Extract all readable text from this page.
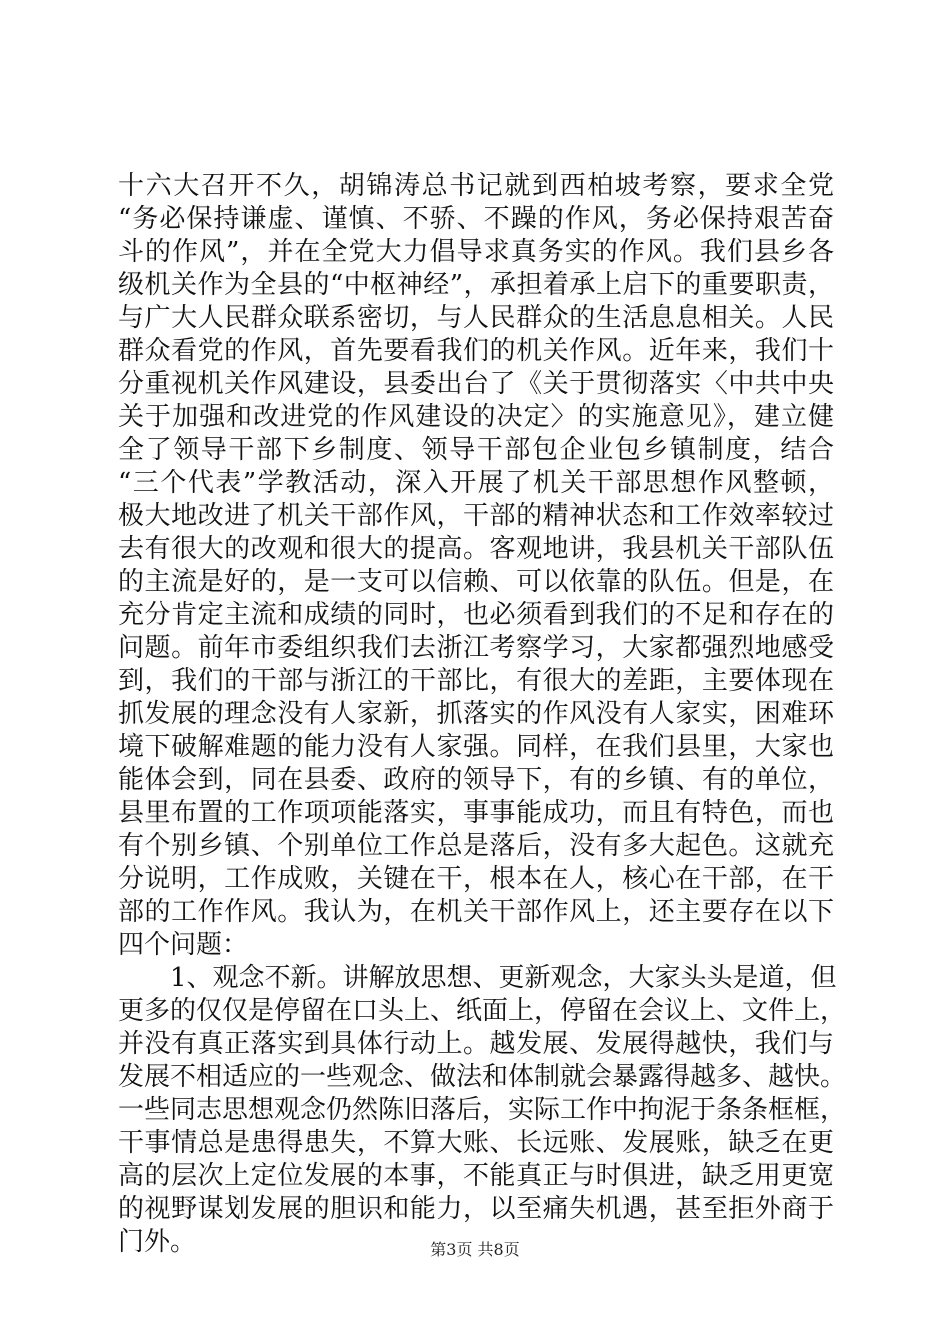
十六大召开不久，胡锦涛总书记就到西柏坡考察，要求全党
“务必保持谦虚、谨慎、不骄、不躁的作风，务必保持艰苦奋
斗的作风”，并在全党大力倡导求真务实的作风。我们县乡各
级机关作为全县的“中枢神经”，承担着承上启下的重要职责，
与广大人民群众联系密切，与人民群众的生活息息相关。人民
群众看党的作风，首先要看我们的机关作风。近年来，我们十
分重视机关作风建设，县委出台了《关于贯彻落实〈中共中央
关于加强和改进党的作风建设的决定〉的实施意见》，建立健
全了领导干部下乡制度、领导干部包企业包乡镇制度，结合
“三个代表”学教活动，深入开展了机关干部思想作风整顿，
极大地改进了机关干部作风，干部的精神状态和工作效率较过
去有很大的改观和很大的提高。客观地讲，我县机关干部队伍
的主流是好的，是一支可以信赖、可以依靠的队伍。但是，在
充分肯定主流和成绩的同时，也必须看到我们的不足和存在的
问题。前年市委组织我们去浙江考察学习，大家都强烈地感受
到，我们的干部与浙江的干部比，有很大的差距，主要体现在
抓发展的理念没有人家新，抓落实的作风没有人家实，困难环
境下破解难题的能力没有人家强。同样，在我们县里，大家也
能体会到，同在县委、政府的领导下，有的乡镇、有的单位，
县里布置的工作项项能落实，事事能成功，而且有特色，而也
有个别乡镇、个别单位工作总是落后，没有多大起色。这就充
分说明，工作成败，关键在干，根本在人，核心在干部，在干
部的工作作风。我认为，在机关干部作风上，还主要存在以下
四个问题：
　　1、观念不新。讲解放思想、更新观念，大家头头是道，但
更多的仅仅是停留在口头上、纸面上，停留在会议上、文件上，
并没有真正落实到具体行动上。越发展、发展得越快，我们与
发展不相适应的一些观念、做法和体制就会暴露得越多、越快。
一些同志思想观念仍然陈旧落后，实际工作中拘泥于条条框框，
干事情总是患得患失，不算大账、长远账、发展账，缺乏在更
高的层次上定位发展的本事，不能真正与时俱进，缺乏用更宽
的视野谋划发展的胆识和能力，以至痛失机遇，甚至拒外商于
门外。	第3页 共8页
